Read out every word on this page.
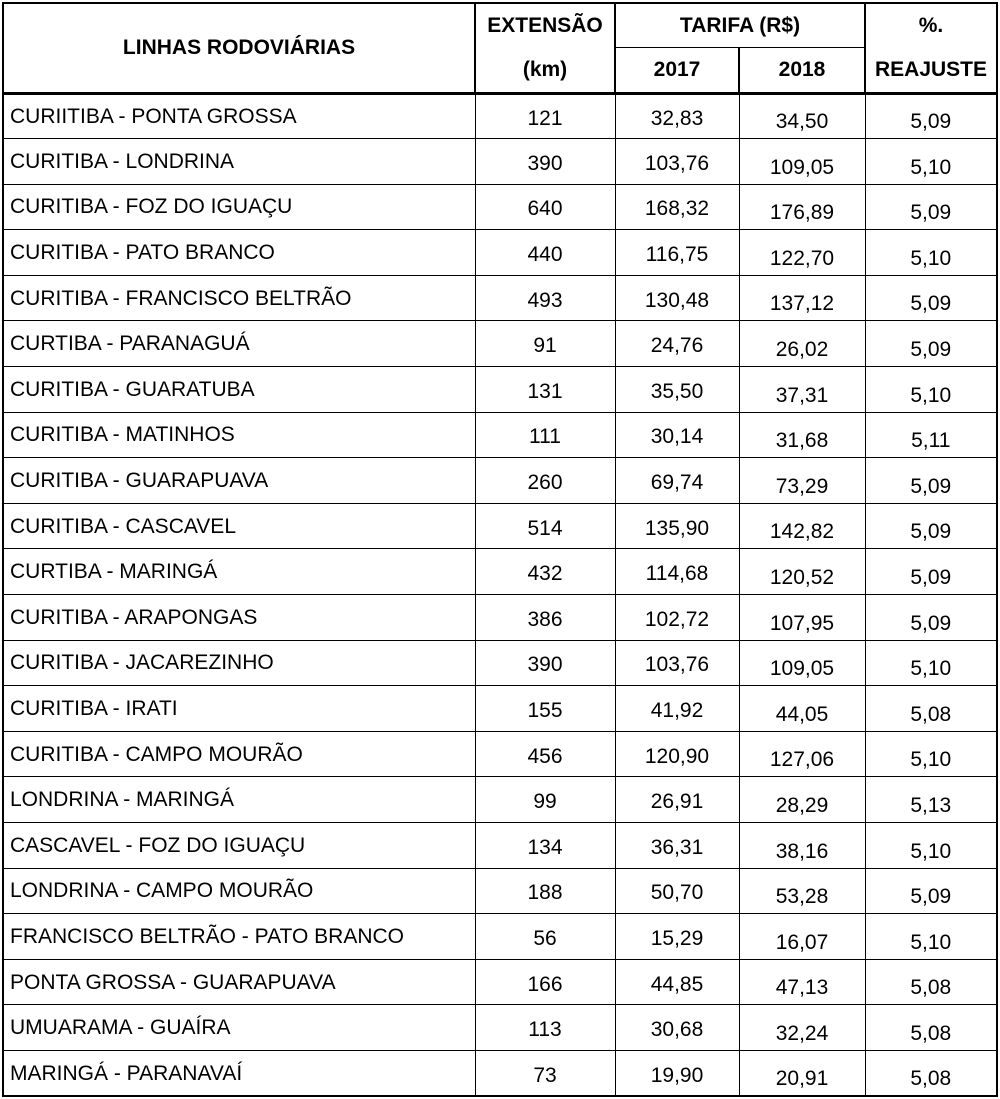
LINHAS RODOVIÁRIAS	EXTENSÃO	TARIFA (R$)		%.
	(km)	2017	2018	REAJUSTE
CURIITIBA - PONTA GROSSA	121	32,83	34,50	5,09
CURITIBA - LONDRINA	390	103,76	109,05	5,10
CURITIBA - FOZ DO IGUAÇU	640	168,32	176,89	5,09
CURITIBA - PATO BRANCO	440	116,75	122,70	5,10
CURITIBA - FRANCISCO BELTRÃO	493	130,48	137,12	5,09
CURTIBA - PARANAGUÁ	91	24,76	26,02	5,09
CURITIBA - GUARATUBA	131	35,50	37,31	5,10
CURITIBA - MATINHOS	111	30,14	31,68	5,11
CURITIBA - GUARAPUAVA	260	69,74	73,29	5,09
CURITIBA - CASCAVEL	514	135,90	142,82	5,09
CURTIBA - MARINGÁ	432	114,68	120,52	5,09
CURITIBA - ARAPONGAS	386	102,72	107,95	5,09
CURITIBA - JACAREZINHO	390	103,76	109,05	5,10
CURITIBA - IRATI	155	41,92	44,05	5,08
CURITIBA - CAMPO MOURÃO	456	120,90	127,06	5,10
LONDRINA - MARINGÁ	99	26,91	28,29	5,13
CASCAVEL - FOZ DO IGUAÇU	134	36,31	38,16	5,10
LONDRINA - CAMPO MOURÃO	188	50,70	53,28	5,09
FRANCISCO BELTRÃO - PATO BRANCO	56	15,29	16,07	5,10
PONTA GROSSA - GUARAPUAVA	166	44,85	47,13	5,08
UMUARAMA - GUAÍRA	113	30,68	32,24	5,08
MARINGÁ - PARANAVAÍ	73	19,90	20,91	5,08
